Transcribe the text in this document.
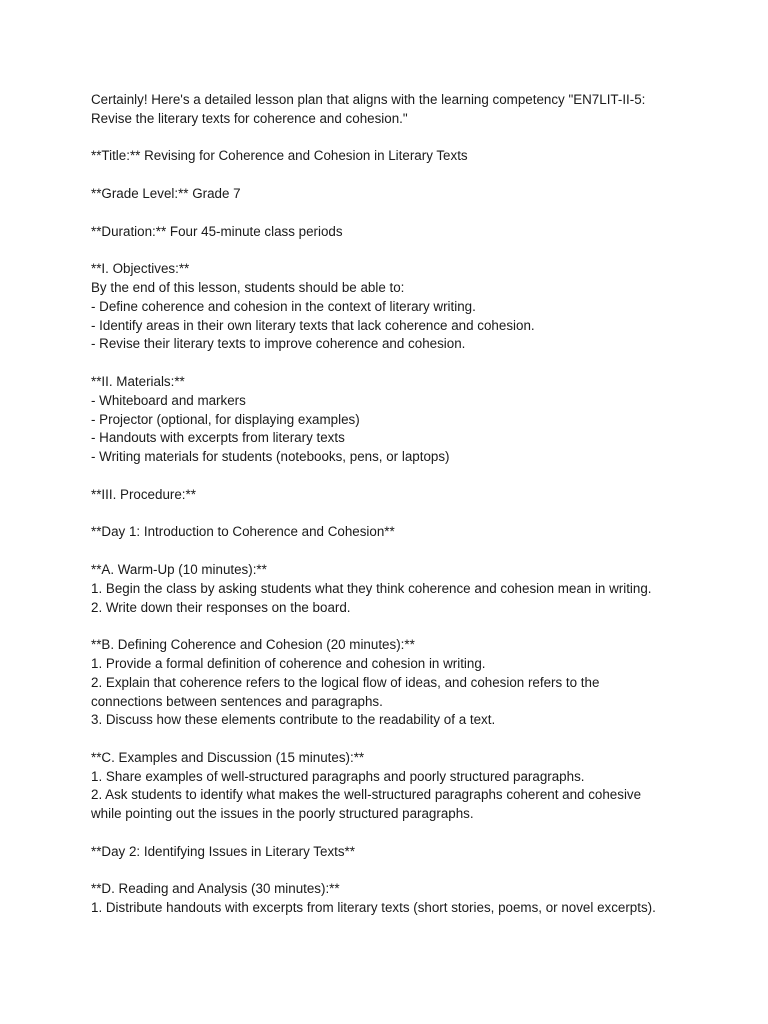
Certainly! Here's a detailed lesson plan that aligns with the learning competency "EN7LIT-II-5:
Revise the literary texts for coherence and cohesion."
**Title:** Revising for Coherence and Cohesion in Literary Texts
**Grade Level:** Grade 7
**Duration:** Four 45-minute class periods
**I. Objectives:**
By the end of this lesson, students should be able to:
- Define coherence and cohesion in the context of literary writing.
- Identify areas in their own literary texts that lack coherence and cohesion.
- Revise their literary texts to improve coherence and cohesion.
**II. Materials:**
- Whiteboard and markers
- Projector (optional, for displaying examples)
- Handouts with excerpts from literary texts
- Writing materials for students (notebooks, pens, or laptops)
**III. Procedure:**
**Day 1: Introduction to Coherence and Cohesion**
**A. Warm-Up (10 minutes):**
1. Begin the class by asking students what they think coherence and cohesion mean in writing.
2. Write down their responses on the board.
**B. Defining Coherence and Cohesion (20 minutes):**
1. Provide a formal definition of coherence and cohesion in writing.
2. Explain that coherence refers to the logical flow of ideas, and cohesion refers to the
connections between sentences and paragraphs.
3. Discuss how these elements contribute to the readability of a text.
**C. Examples and Discussion (15 minutes):**
1. Share examples of well-structured paragraphs and poorly structured paragraphs.
2. Ask students to identify what makes the well-structured paragraphs coherent and cohesive
while pointing out the issues in the poorly structured paragraphs.
**Day 2: Identifying Issues in Literary Texts**
**D. Reading and Analysis (30 minutes):**
1. Distribute handouts with excerpts from literary texts (short stories, poems, or novel excerpts).
